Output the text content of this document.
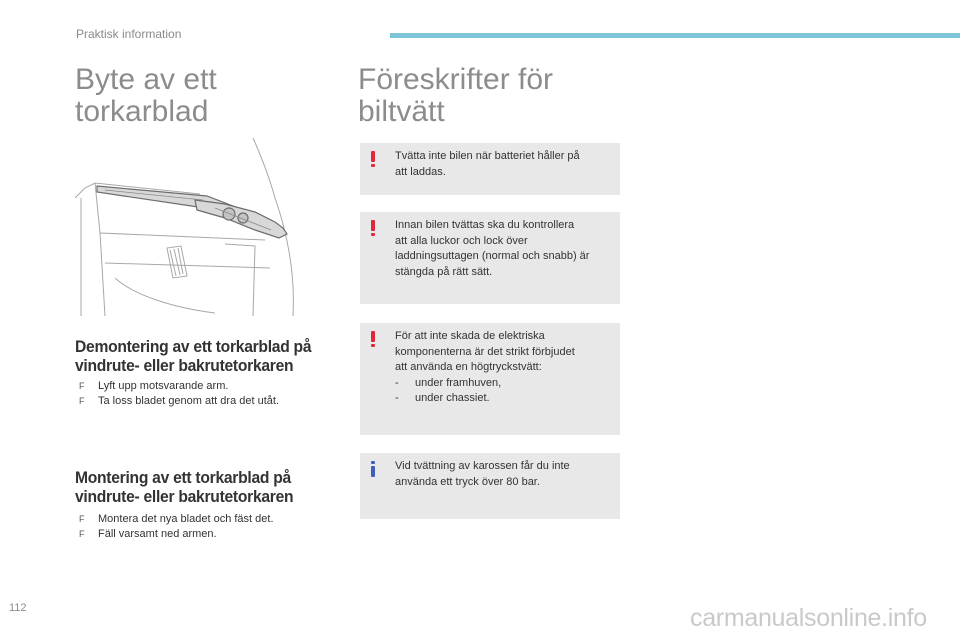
Praktisk information
Byte av ett
torkarblad
Föreskrifter för
biltvätt
Demontering av ett torkarblad på
vindrute- eller bakrutetorkaren
F	Lyft upp motsvarande arm.
F	Ta loss bladet genom att dra det utåt.
Montering av ett torkarblad på
vindrute- eller bakrutetorkaren
F	Montera det nya bladet och fäst det.
F	Fäll varsamt ned armen.
Tvätta inte bilen när batteriet håller på
att laddas.
Innan bilen tvättas ska du kontrollera
att alla luckor och lock över
laddningsuttagen (normal och snabb) är
stängda på rätt sätt.
För att inte skada de elektriska
komponenterna är det strikt förbjudet
att använda en högtryckstvätt:
-	under framhuven,
-	under chassiet.
Vid tvättning av karossen får du inte
använda ett tryck över 80 bar.
112	carmanualsonline.info
